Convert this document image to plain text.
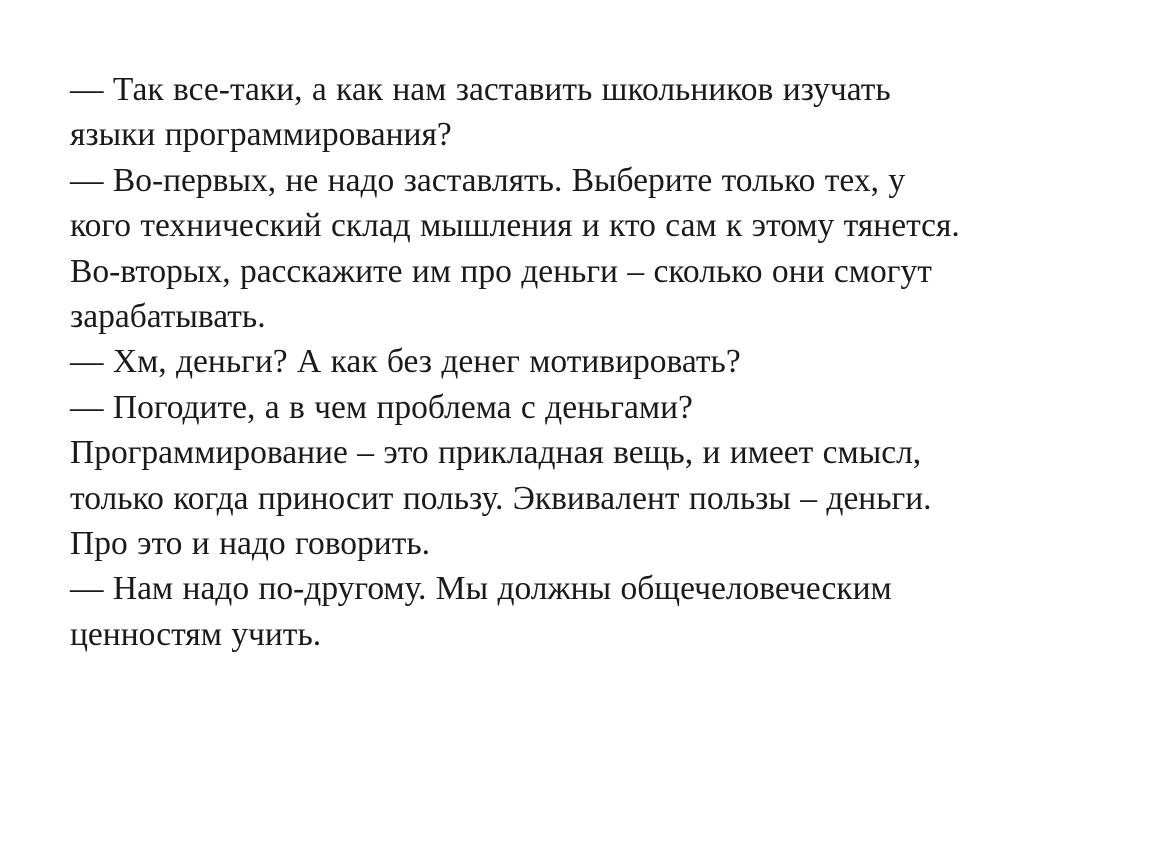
— Так все-таки, а как нам заставить школьников изучать
языки программирования?
— Во-первых, не надо заставлять. Выберите только тех, у
кого технический склад мышления и кто сам к этому тянется.
Во-вторых, расскажите им про деньги – сколько они смогут
зарабатывать.
— Хм, деньги? А как без денег мотивировать?
— Погодите, а в чем проблема с деньгами?
Программирование – это прикладная вещь, и имеет смысл,
только когда приносит пользу. Эквивалент пользы – деньги.
Про это и надо говорить.
— Нам надо по-другому. Мы должны общечеловеческим
ценностям учить.
